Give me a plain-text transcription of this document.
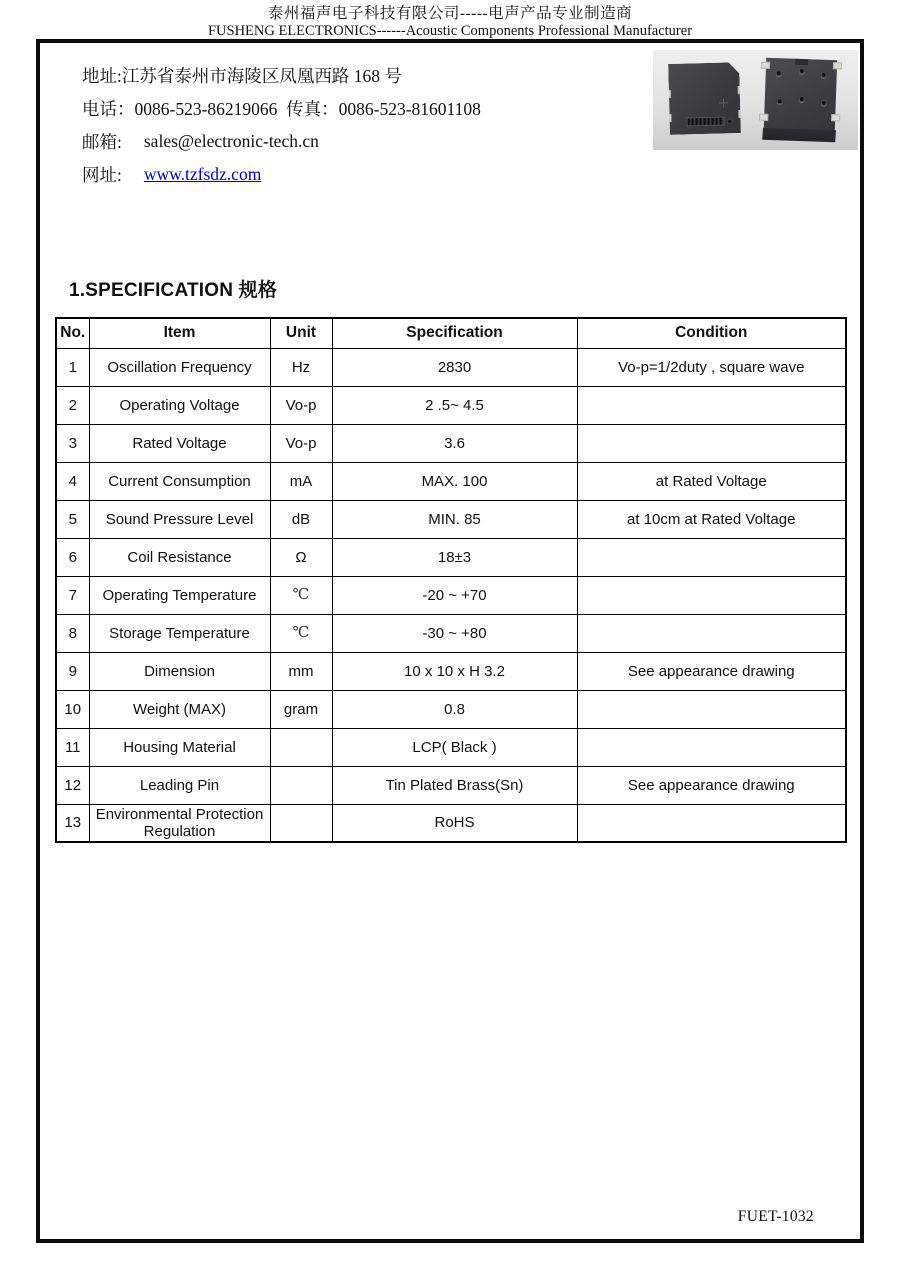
泰州福声电子科技有限公司-----电声产品专业制造商
FUSHENG ELECTRONICS------Acoustic Components Professional Manufacturer
地址:江苏省泰州市海陵区凤凰西路 168 号
电话：0086-523-86219066  传真：0086-523-81601108
邮箱: sales@electronic-tech.cn
网址: www.tzfsdz.com
1.SPECIFICATION 规格
No.	Item	Unit	Specification	Condition
1	Oscillation Frequency	Hz	2830	Vo-p=1/2duty , square wave
2	Operating Voltage	Vo-p	2 .5~ 4.5	
3	Rated Voltage	Vo-p	3.6	
4	Current Consumption	mA	MAX. 100	at Rated Voltage
5	Sound Pressure Level	dB	MIN. 85	at 10cm at Rated Voltage
6	Coil Resistance	Ω	18±3	
7	Operating Temperature	℃	-20 ~ +70	
8	Storage Temperature	℃	-30 ~ +80	
9	Dimension	mm	10 x 10 x H 3.2	See appearance drawing
10	Weight (MAX)	gram	0.8	
11	Housing Material		LCP( Black )	
12	Leading Pin		Tin Plated Brass(Sn)	See appearance drawing
13	Environmental Protection Regulation		RoHS	
FUET-1032
